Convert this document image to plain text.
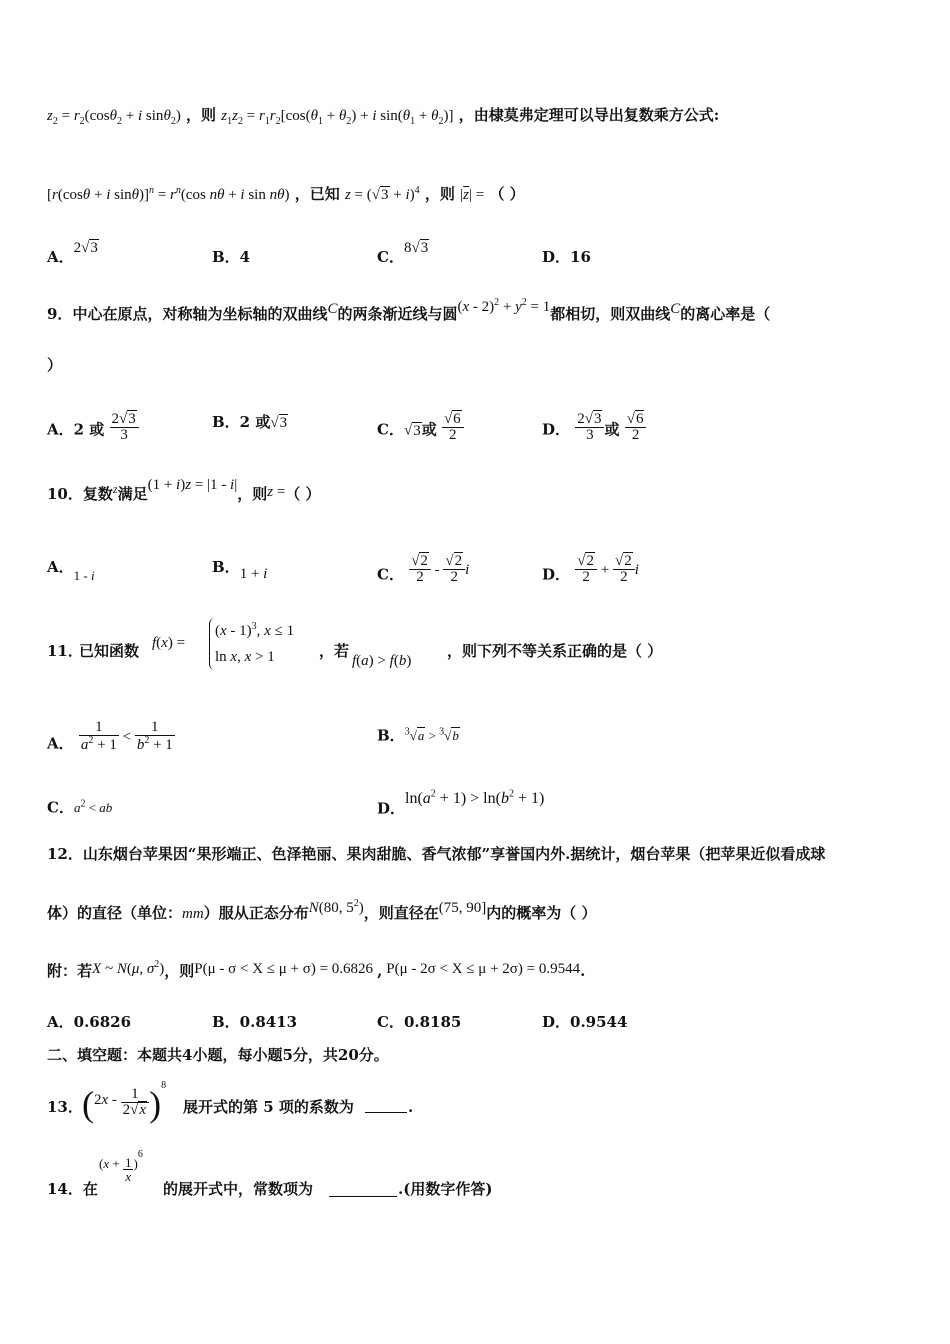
$z_2 = r_2(\cos\theta_2 + i$ sinθ$_2$) ，则 $z_1z_2 = r_1r_2[\cos(\theta_1 + \theta_2) + i$ $\sin(\theta_1 + \theta_2)$] ，由棣莫弗定理可以导出复数乘方公式:
[r(cosθ + i $\sin\theta)]^n = r^n(\cos$ nθ + i sin nθ) ，已知 $z = (√3 + i)^4$ ，则 $|\overline{z}|$ = （ ）
A．2√3	B．4	C．8√3	D．16
9．中心在原点，对称轴为坐标轴的双曲线C的两条渐近线与圆$(x - 2)^2 + y^2 = 1$都相切，则双曲线C的离心率是（
）
A．2 或 $\frac{2√3}{3}$	B．2 或√3	C．√3或 $\frac{√6}{2}$	D． $\frac{2√3}{3}$ 或 $\frac{√6}{2}$
10．复数$^z$满足(1 + i)z = |1 - i|，则z =（ ）
A．1 - i	B．1 + i	C． $\frac{√2}{2} - \frac{√2}{2}$ i	D． $\frac{√2}{2} + \frac{√2}{2}$ i
11．
已知函数 f(x) =
(x - 1)$^3$, x ≤ 1
ln x, x > 1	，若
f(a) > f(b)
，则下列不等关系正确的是（ ）
A． $\frac{1}{a^2 + 1} < \frac{1}{b^2 + 1}$	B．$^3$√a > $^3$√b
C．$a^2$ < ab	D．$\ln(a^2 + 1) > \ln(b^2 + 1)$
12．山东烟台苹果因“果形端正、色泽艳丽、果肉甜脆、香气浓郁”享誉国内外.据统计，烟台苹果（把苹果近似看成球
体）的直径（单位：mm）服从正态分布N(80, $5^2$)，则直径在(75, 90]内的概率为（ ）
附：若X ~ N(μ, $\sigma^2$)，则P(μ - σ < X ≤ μ + σ) = 0.6826 , P(μ - 2σ < X ≤ μ + 2σ) = 0.9544.
A．0.6826	B．0.8413	C．0.8185	D．0.9544
二、填空题：本题共4小题，每小题5分，共20分。
13． $(2x - \frac{1}{2√x} )^8$
展开式的第 5 项的系数为	.
14．在
$(x + \frac{1}{x} )^6$
的展开式中，常数项为	.(用数字作答)
